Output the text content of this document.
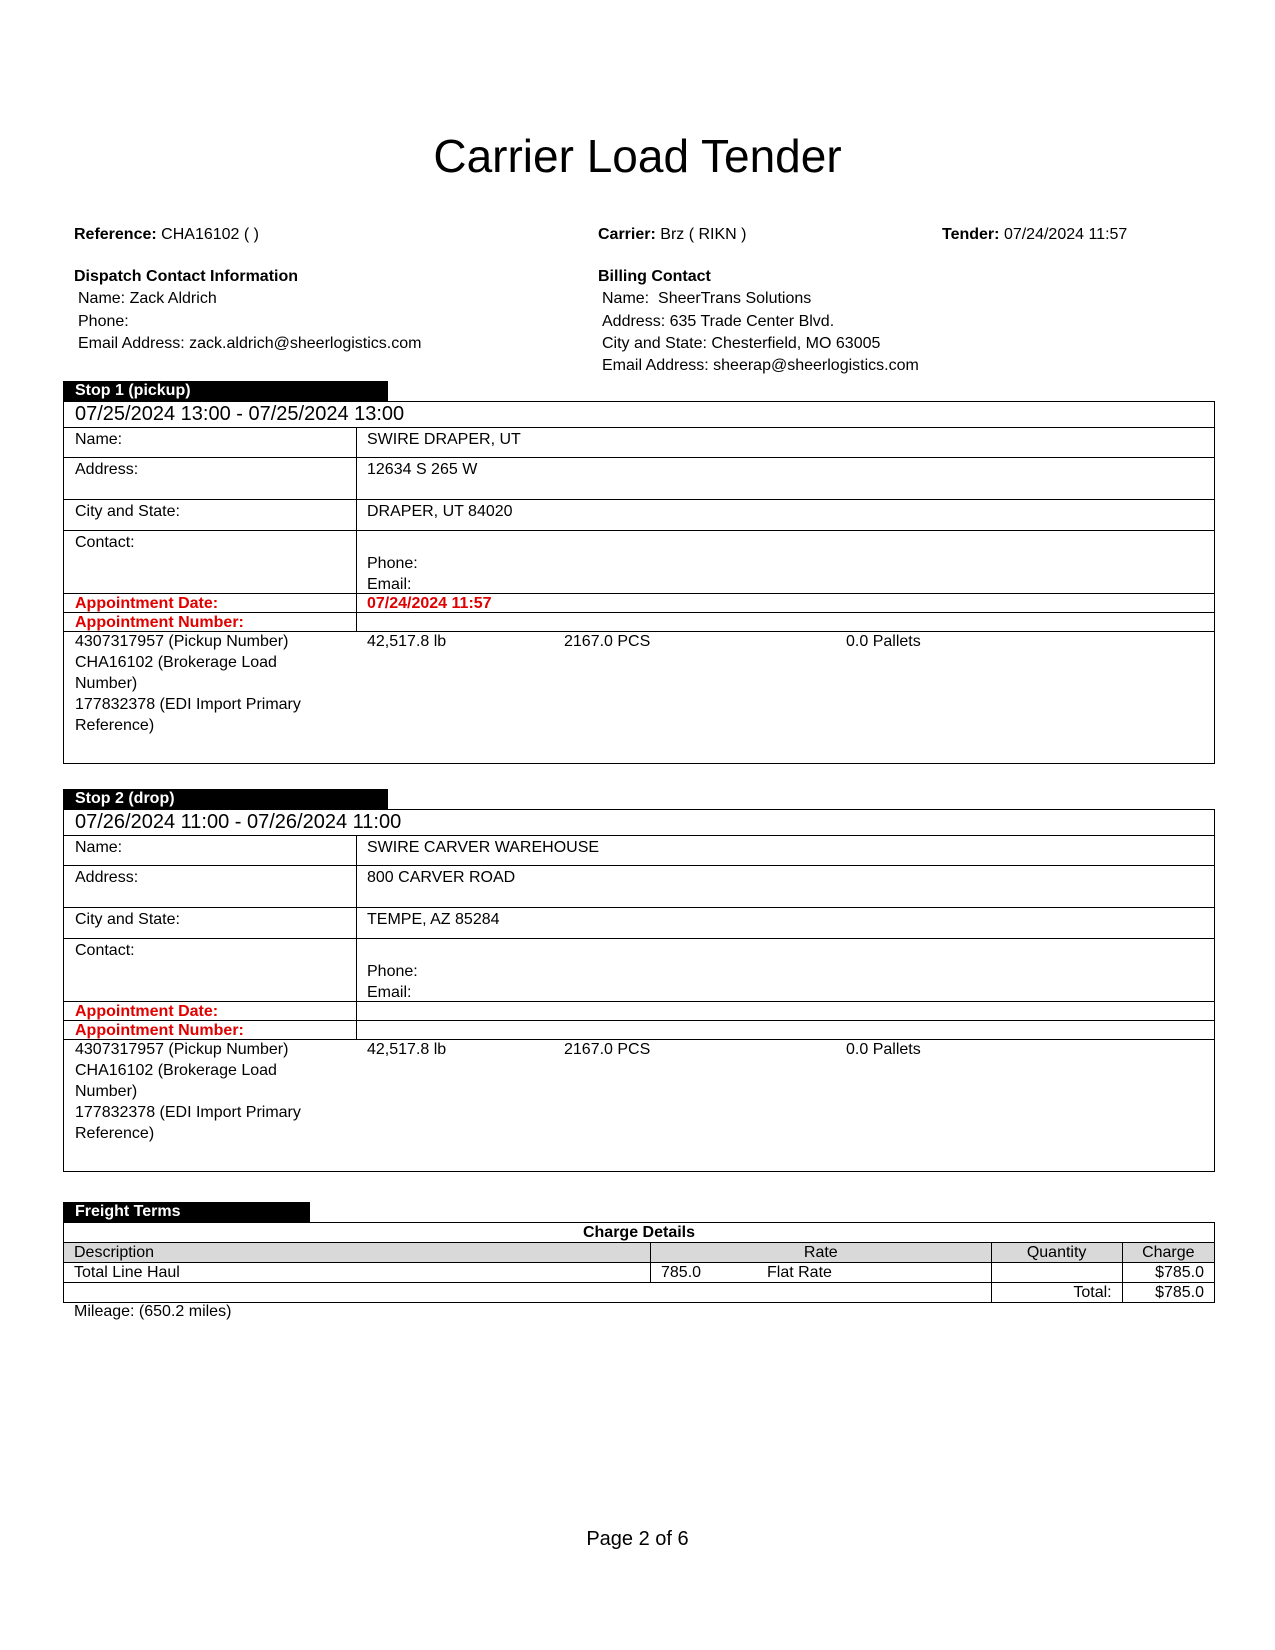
Carrier Load Tender
Reference: CHA16102 ( )	Carrier: Brz ( RIKN )	Tender: 07/24/2024 11:57
Dispatch Contact Information
Name: Zack Aldrich
Phone:
Email Address: zack.aldrich@sheerlogistics.com
Billing Contact
Name: SheerTrans Solutions
Address: 635 Trade Center Blvd.
City and State: Chesterfield, MO 63005
Email Address: sheerap@sheerlogistics.com
Stop 1 (pickup)
07/25/2024 13:00 - 07/25/2024 13:00
Name:	SWIRE DRAPER, UT
Address:	12634 S 265 W
City and State:	DRAPER, UT 84020
Contact:
Phone:
Email:
Appointment Date:	07/24/2024 11:57
Appointment Number:
4307317957 (Pickup Number)
CHA16102 (Brokerage Load
Number)
177832378 (EDI Import Primary
Reference)
42,517.8 lb	2167.0 PCS	0.0 Pallets
Stop 2 (drop)
07/26/2024 11:00 - 07/26/2024 11:00
Name:	SWIRE CARVER WAREHOUSE
Address:	800 CARVER ROAD
City and State:	TEMPE, AZ 85284
Contact:
Phone:
Email:
Appointment Date:
Appointment Number:
4307317957 (Pickup Number)
CHA16102 (Brokerage Load
Number)
177832378 (EDI Import Primary
Reference)
42,517.8 lb	2167.0 PCS	0.0 Pallets
Freight Terms
Charge Details			
Description	Rate	Quantity	Charge
Total Line Haul	785.0 Flat Rate		$785.0
		Total:	$785.0
Mileage: (650.2 miles)
Page 2 of 6
